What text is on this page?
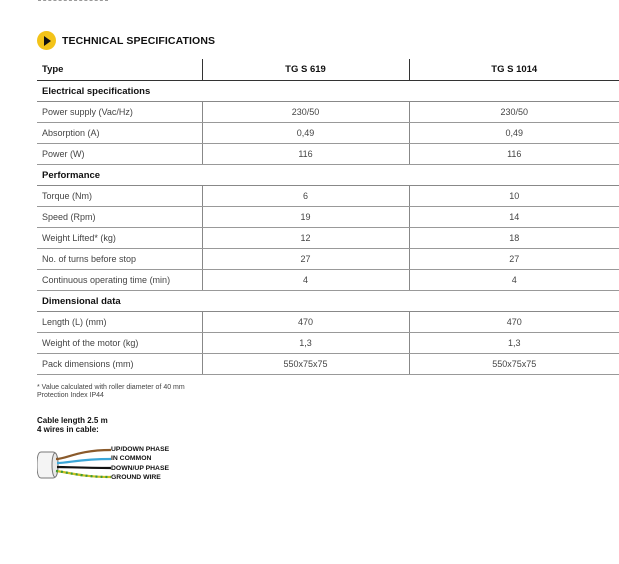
TECHNICAL SPECIFICATIONS
Type	TG S 619	TG S 1014
Electrical specifications		
Power supply (Vac/Hz)	230/50	230/50
Absorption (A)	0,49	0,49
Power (W)	116	116
Performance		
Torque (Nm)	6	10
Speed (Rpm)	19	14
Weight Lifted* (kg)	12	18
No. of turns before stop	27	27
Continuous operating time (min)	4	4
Dimensional data		
Length (L) (mm)	470	470
Weight of the motor (kg)	1,3	1,3
Pack dimensions (mm)	550x75x75	550x75x75
* Value calculated with roller diameter of 40 mm
Protection Index IP44
Cable length 2.5 m
4 wires in cable:
UP/DOWN PHASE
IN COMMON
DOWN/UP PHASE
GROUND WIRE
